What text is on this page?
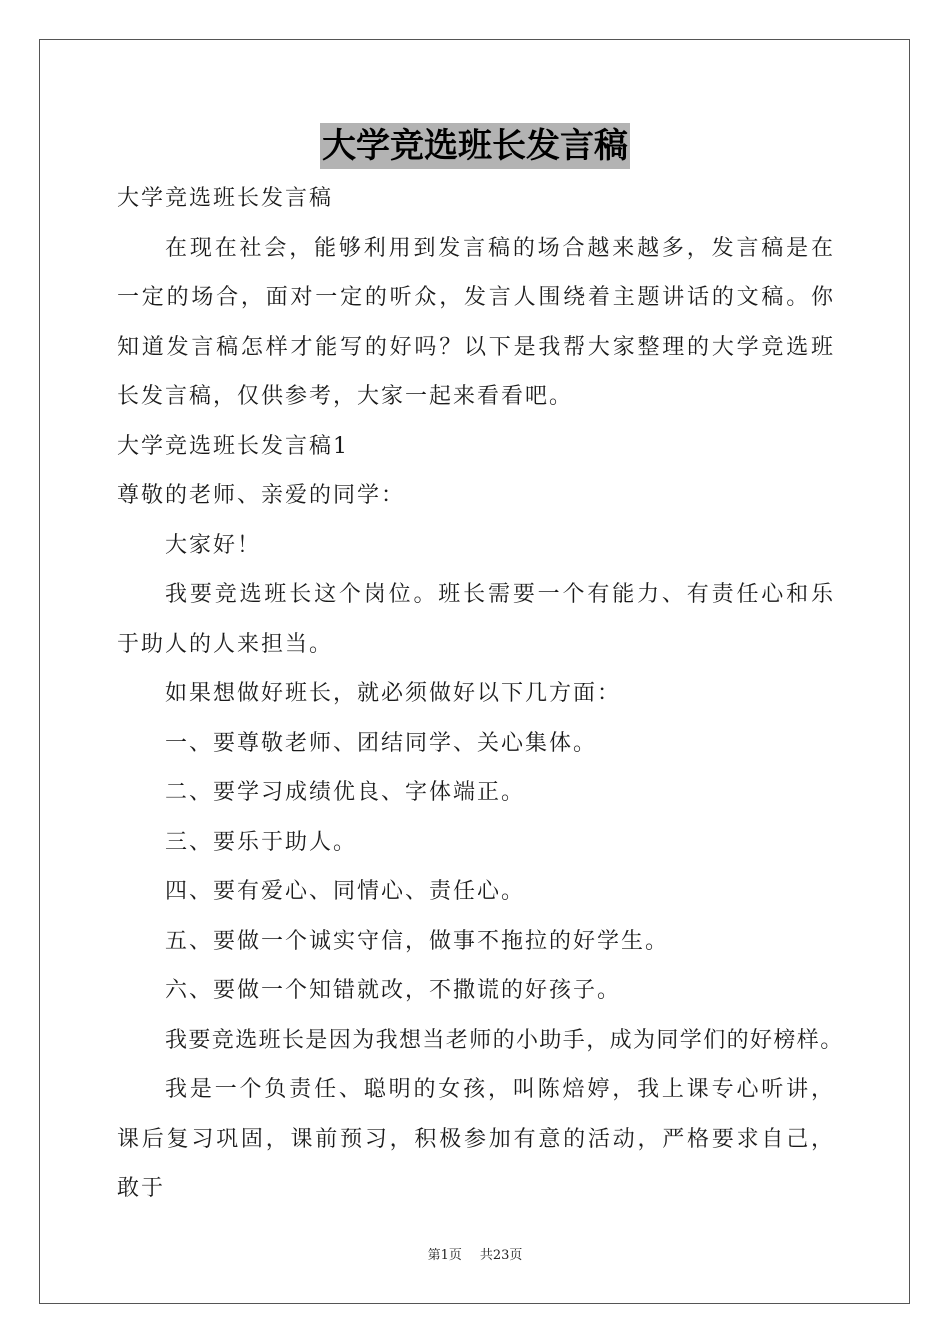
大学竞选班长发言稿

大学竞选班长发言稿

在现在社会，能够利用到发言稿的场合越来越多，发言稿是在一定的场合，面对一定的听众，发言人围绕着主题讲话的文稿。你知道发言稿怎样才能写的好吗？以下是我帮大家整理的大学竞选班长发言稿，仅供参考，大家一起来看看吧。

大学竞选班长发言稿1

尊敬的老师、亲爱的同学：

大家好！

我要竞选班长这个岗位。班长需要一个有能力、有责任心和乐于助人的人来担当。

如果想做好班长，就必须做好以下几方面：

一、要尊敬老师、团结同学、关心集体。

二、要学习成绩优良、字体端正。

三、要乐于助人。

四、要有爱心、同情心、责任心。

五、要做一个诚实守信，做事不拖拉的好学生。

六、要做一个知错就改，不撒谎的好孩子。

我要竞选班长是因为我想当老师的小助手，成为同学们的好榜样。

我是一个负责任、聪明的女孩，叫陈焙婷，我上课专心听讲，课后复习巩固，课前预习，积极参加有意的活动，严格要求自己，敢于

第1页 共23页
